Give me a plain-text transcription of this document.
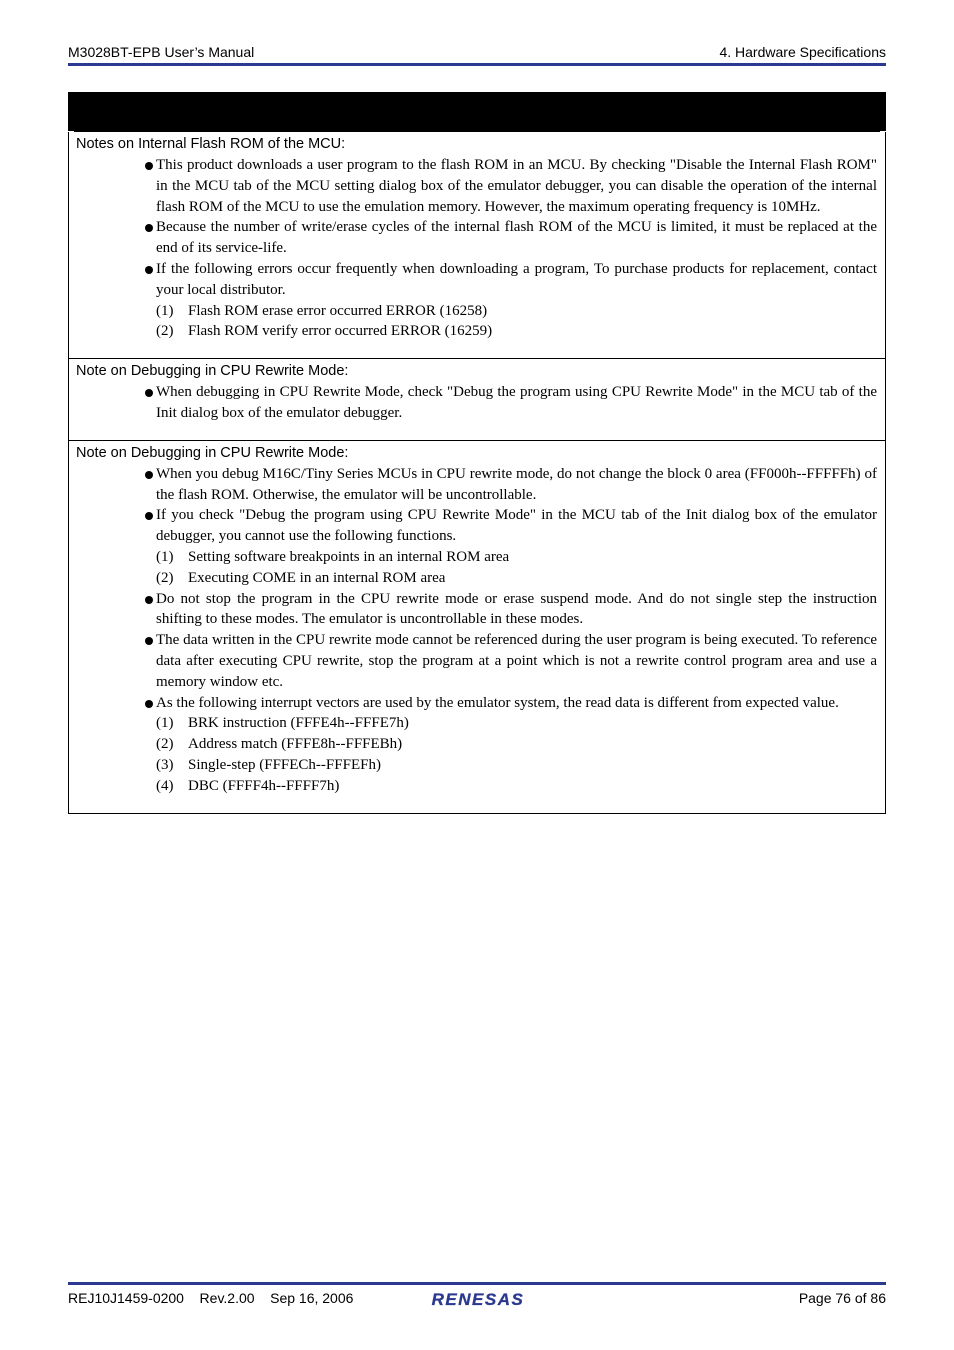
M3028BT-EPB User’s Manual	4. Hardware Specifications
Notes on Internal Flash ROM of the MCU:
This product downloads a user program to the flash ROM in an MCU. By checking "Disable the Internal Flash ROM" in the MCU tab of the MCU setting dialog box of the emulator debugger, you can disable the operation of the internal flash ROM of the MCU to use the emulation memory. However, the maximum operating frequency is 10MHz.
Because the number of write/erase cycles of the internal flash ROM of the MCU is limited, it must be replaced at the end of its service-life.
If the following errors occur frequently when downloading a program, To purchase products for replacement, contact your local distributor.
(1) Flash ROM erase error occurred ERROR (16258)
(2) Flash ROM verify error occurred ERROR (16259)
Note on Debugging in CPU Rewrite Mode:
When debugging in CPU Rewrite Mode, check "Debug the program using CPU Rewrite Mode" in the MCU tab of the Init dialog box of the emulator debugger.
Note on Debugging in CPU Rewrite Mode:
When you debug M16C/Tiny Series MCUs in CPU rewrite mode, do not change the block 0 area (FF000h--FFFFFh) of the flash ROM. Otherwise, the emulator will be uncontrollable.
If you check "Debug the program using CPU Rewrite Mode" in the MCU tab of the Init dialog box of the emulator debugger, you cannot use the following functions.
(1) Setting software breakpoints in an internal ROM area
(2) Executing COME in an internal ROM area
Do not stop the program in the CPU rewrite mode or erase suspend mode. And do not single step the instruction shifting to these modes. The emulator is uncontrollable in these modes.
The data written in the CPU rewrite mode cannot be referenced during the user program is being executed. To reference data after executing CPU rewrite, stop the program at a point which is not a rewrite control program area and use a memory window etc.
As the following interrupt vectors are used by the emulator system, the read data is different from expected value.
(1) BRK instruction (FFFE4h--FFFE7h)
(2) Address match (FFFE8h--FFFEBh)
(3) Single-step (FFFECh--FFFEFh)
(4) DBC (FFFF4h--FFFF7h)
REJ10J1459-0200 Rev.2.00 Sep 16, 2006	Page 76 of 86
RENESAS
